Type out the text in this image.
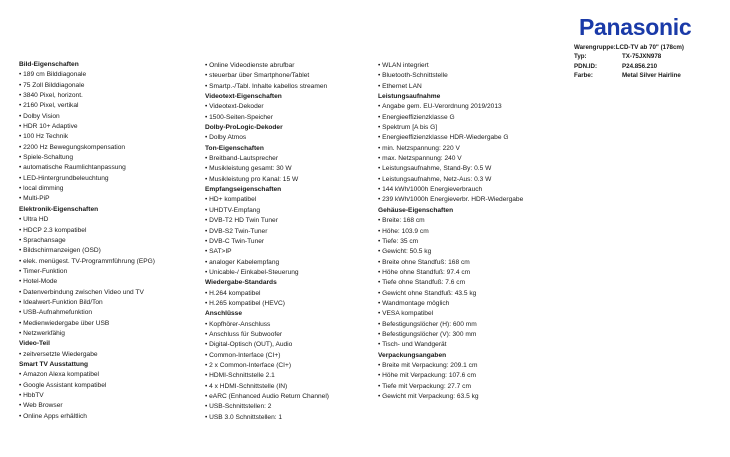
Panasonic
Warengruppe:LCD-TV ab 70" (178cm)
Typ:	TX-75JXN978
PDN.ID:	P24.856.210
Farbe:	Metal Silver Hairline
Bild-Eigenschaften
• 189 cm Bilddiagonale
• 75 Zoll Bilddiagonale
• 3840 Pixel, horizont.
• 2160 Pixel, vertikal
• Dolby Vision
• HDR 10+ Adaptive
• 100 Hz Technik
• 2200 Hz Bewegungskompensation
• Spiele-Schaltung
• automatische Raumlichtanpassung
• LED-Hintergrundbeleuchtung
• local dimming
• Multi-PiP
Elektronik-Eigenschaften
• Ultra HD
• HDCP 2.3 kompatibel
• Sprachansage
• Bildschirmanzeigen (OSD)
• elek. menügest. TV-Programmführung (EPG)
• Timer-Funktion
• Hotel-Mode
• Datenverbindung zwischen Video und TV
• Idealwert-Funktion Bild/Ton
• USB-Aufnahmefunktion
• Medienwiedergabe über USB
• Netzwerkfähig
Video-Teil
• zeitversetzte Wiedergabe
Smart TV Ausstattung
• Amazon Alexa kompatibel
• Google Assistant kompatibel
• HbbTV
• Web Browser
• Online Apps erhältlich
• Online Videodienste abrufbar
• steuerbar über Smartphone/Tablet
• Smartp.-/Tabl. Inhalte kabellos streamen
Videotext-Eigenschaften
• Videotext-Dekoder
• 1500-Seiten-Speicher
Dolby-ProLogic-Dekoder
• Dolby Atmos
Ton-Eigenschaften
• Breitband-Lautsprecher
• Musikleistung gesamt: 30 W
• Musikleistung pro Kanal: 15 W
Empfangseigenschaften
• HD+ kompatibel
• UHDTV-Empfang
• DVB-T2 HD Twin Tuner
• DVB-S2 Twin-Tuner
• DVB-C Twin-Tuner
• SAT>IP
• analoger Kabelempfang
• Unicable-/ Einkabel-Steuerung
Wiedergabe-Standards
• H.264 kompatibel
• H.265 kompatibel (HEVC)
Anschlüsse
• Kopfhörer-Anschluss
• Anschluss für Subwoofer
• Digital-Optisch (OUT), Audio
• Common-Interface (CI+)
• 2 x Common-Interface (CI+)
• HDMI-Schnittstelle 2.1
• 4 x HDMI-Schnittstelle (IN)
• eARC (Enhanced Audio Return Channel)
• USB-Schnittstellen: 2
• USB 3.0 Schnittstellen: 1
• WLAN integriert
• Bluetooth-Schnittstelle
• Ethernet LAN
Leistungsaufnahme
• Angabe gem. EU-Verordnung 2019/2013
• Energieeffizienzklasse G
• Spektrum [A bis G]
• Energieeffizienzklasse HDR-Wiedergabe G
• min. Netzspannung: 220 V
• max. Netzspannung: 240 V
• Leistungsaufnahme, Stand-By: 0.5 W
• Leistungsaufnahme, Netz-Aus: 0.3 W
• 144 kWh/1000h Energieverbrauch
• 239 kWh/1000h Energieverbr. HDR-Wiedergabe
Gehäuse-Eigenschaften
• Breite: 168 cm
• Höhe: 103.9 cm
• Tiefe: 35 cm
• Gewicht: 50.5 kg
• Breite ohne Standfuß: 168 cm
• Höhe ohne Standfuß: 97.4 cm
• Tiefe ohne Standfuß: 7.6 cm
• Gewicht ohne Standfuß: 43.5 kg
• Wandmontage möglich
• VESA kompatibel
• Befestigungslöcher (H): 600 mm
• Befestigungslöcher (V): 300 mm
• Tisch- und Wandgerät
Verpackungsangaben
• Breite mit Verpackung: 209.1 cm
• Höhe mit Verpackung: 107.6 cm
• Tiefe mit Verpackung: 27.7 cm
• Gewicht mit Verpackung: 63.5 kg
